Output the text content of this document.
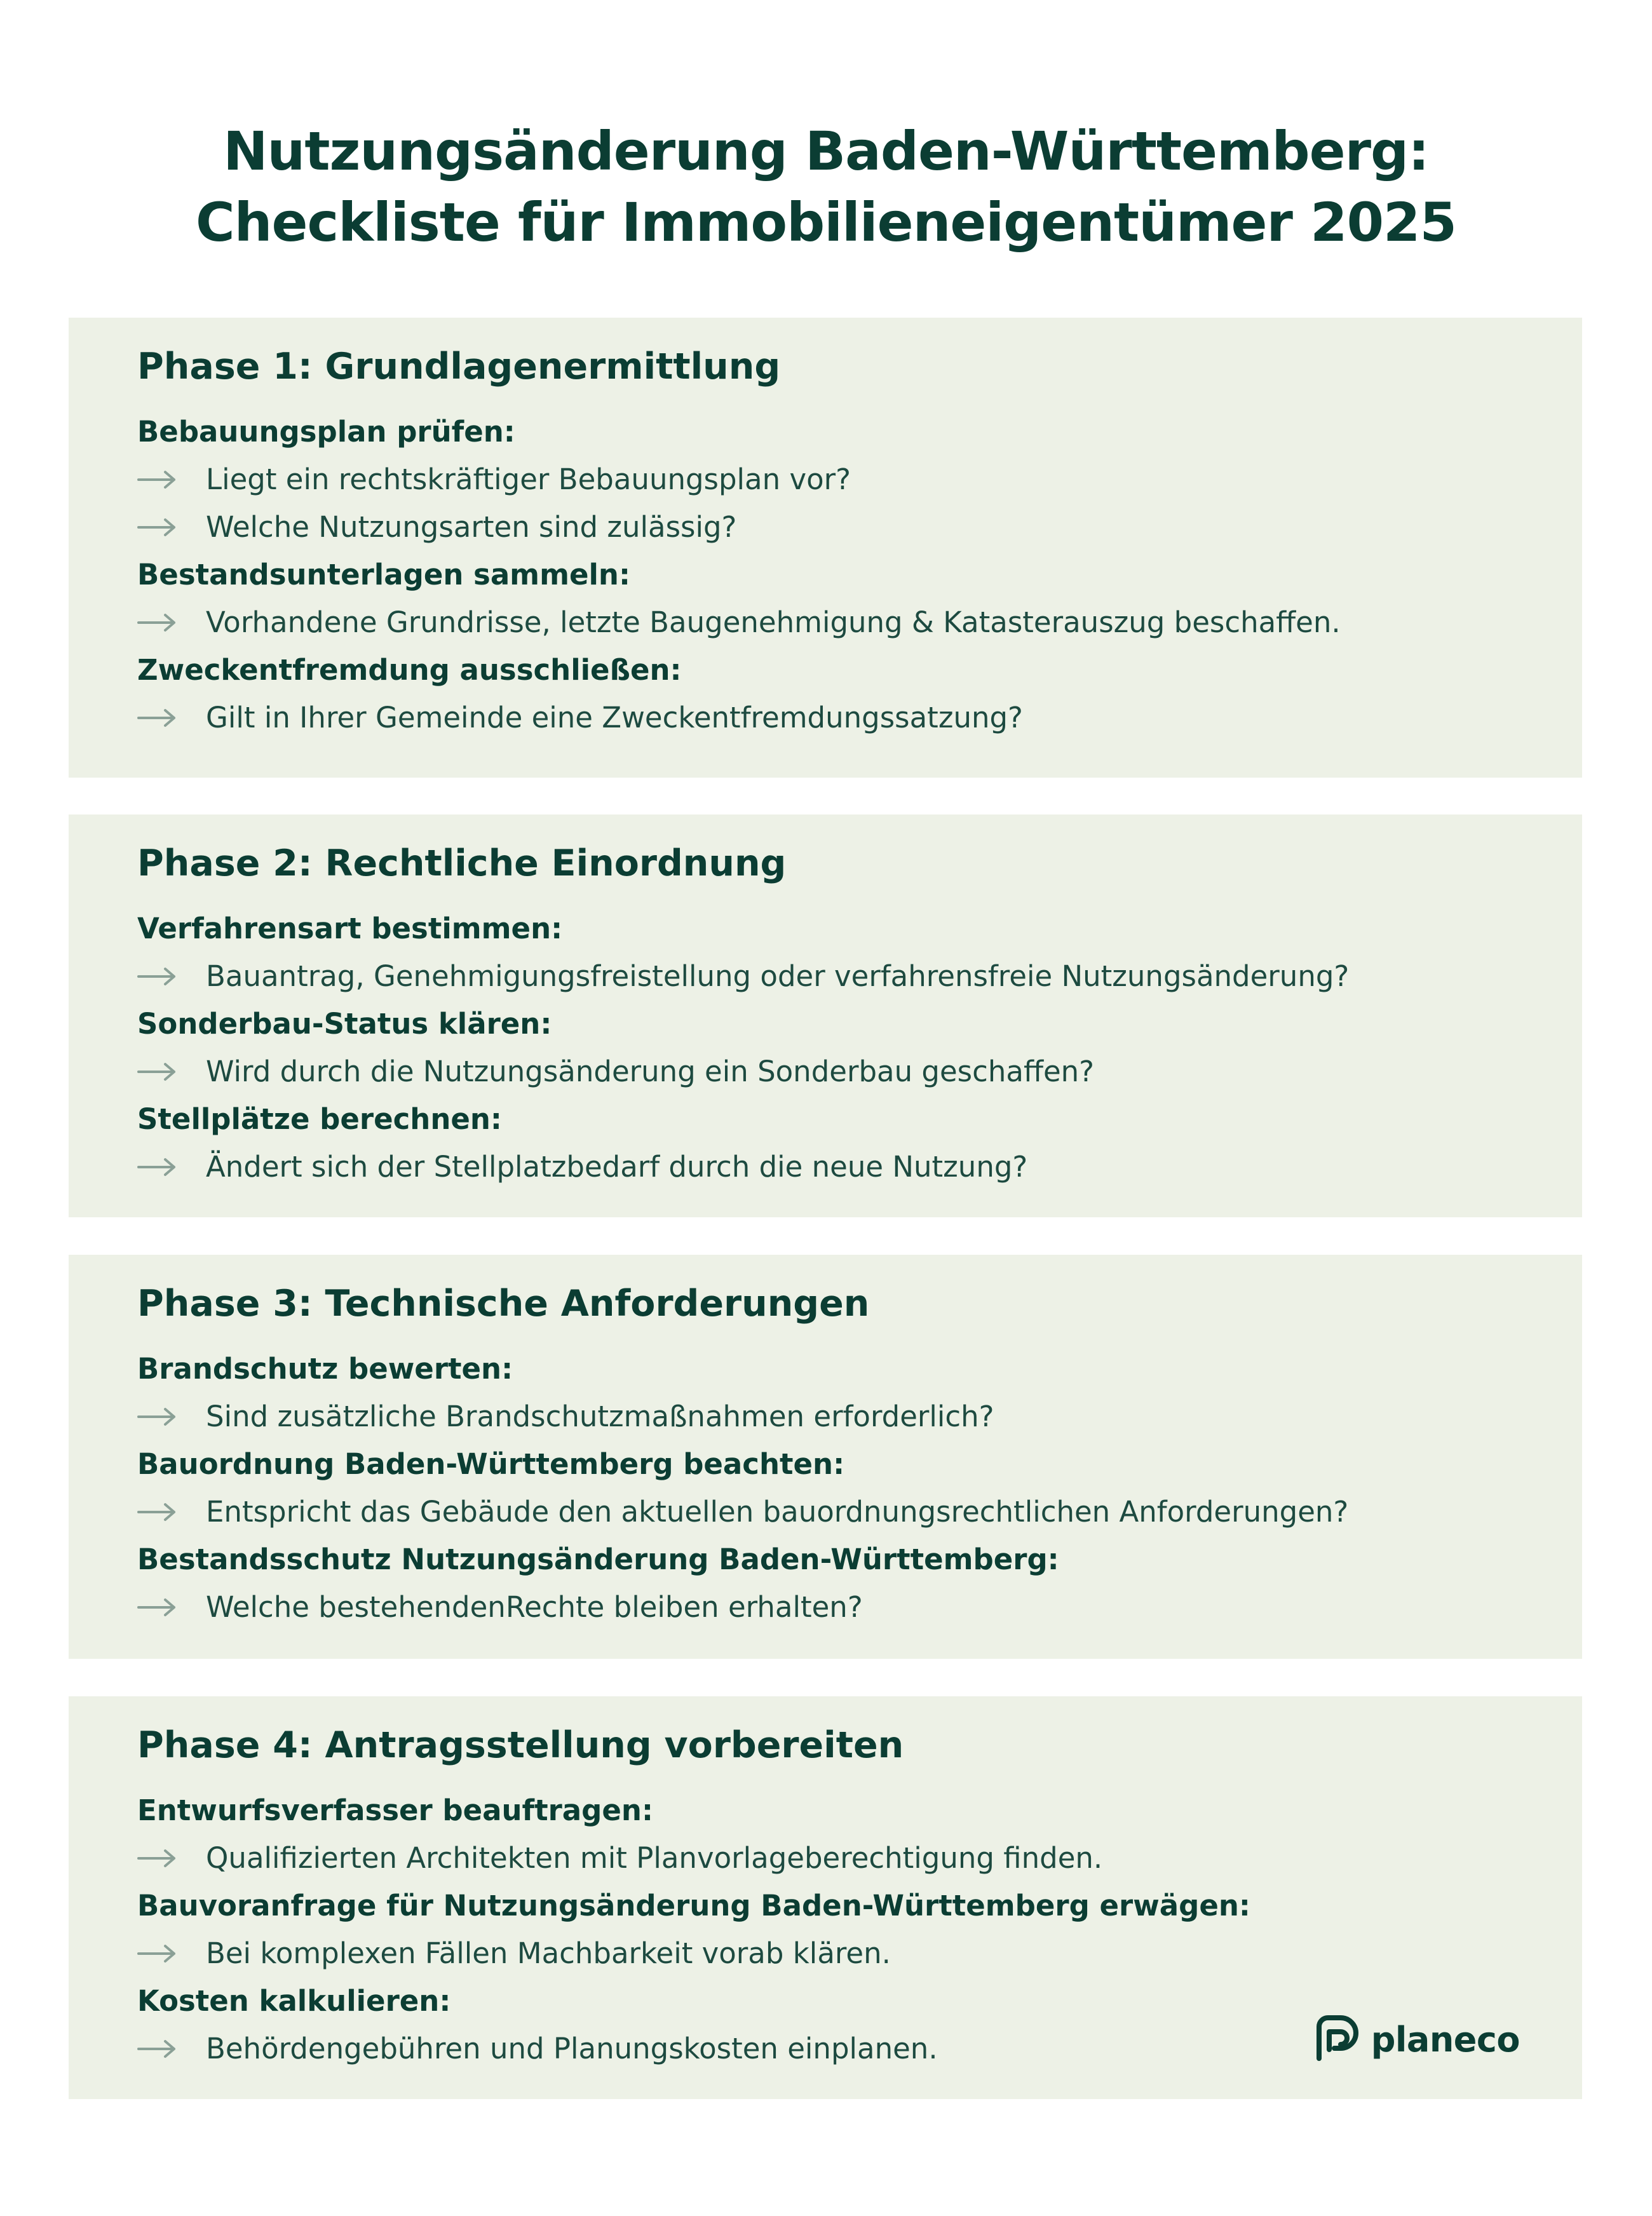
Nutzungsänderung Baden-Württemberg:
Checkliste für Immobilieneigentümer 2025
Phase 1: Grundlagenermittlung
Bebauungsplan prüfen:
Liegt ein rechtskräftiger Bebauungsplan vor?
Welche Nutzungsarten sind zulässig?
Bestandsunterlagen sammeln:
Vorhandene Grundrisse, letzte Baugenehmigung & Katasterauszug beschaffen.
Zweckentfremdung ausschließen:
Gilt in Ihrer Gemeinde eine Zweckentfremdungssatzung?
Phase 2: Rechtliche Einordnung
Verfahrensart bestimmen:
Bauantrag, Genehmigungsfreistellung oder verfahrensfreie Nutzungsänderung?
Sonderbau-Status klären:
Wird durch die Nutzungsänderung ein Sonderbau geschaffen?
Stellplätze berechnen:
Ändert sich der Stellplatzbedarf durch die neue Nutzung?
Phase 3: Technische Anforderungen
Brandschutz bewerten:
Sind zusätzliche Brandschutzmaßnahmen erforderlich?
Bauordnung Baden-Württemberg beachten:
Entspricht das Gebäude den aktuellen bauordnungsrechtlichen Anforderungen?
Bestandsschutz Nutzungsänderung Baden-Württemberg:
Welche bestehendenRechte bleiben erhalten?
Phase 4: Antragsstellung vorbereiten
Entwurfsverfasser beauftragen:
Qualifizierten Architekten mit Planvorlageberechtigung finden.
Bauvoranfrage für Nutzungsänderung Baden-Württemberg erwägen:
Bei komplexen Fällen Machbarkeit vorab klären.
Kosten kalkulieren:
Behördengebühren und Planungskosten einplanen.	planeco
